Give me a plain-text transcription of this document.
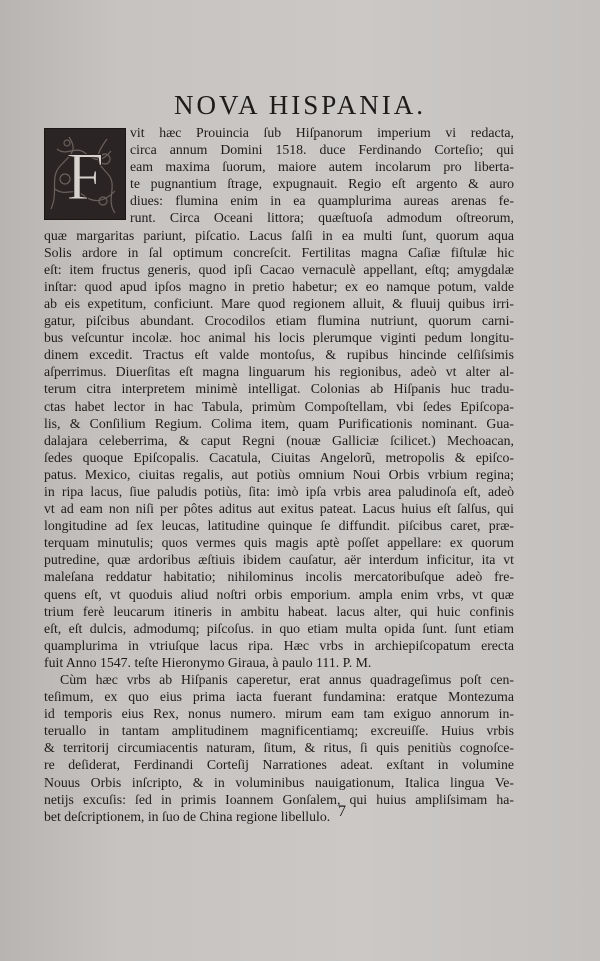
NOVA HISPANIA.
F

vit hæc Prouincia ſub Hiſpanorum imperium vi redacta,
circa annum Domini 1518. duce Ferdinando Corteſio; qui
eam maxima ſuorum, maiore autem incolarum pro liberta-
te pugnantium ſtrage, expugnauit. Regio eſt argento & auro
diues: flumina enim in ea quamplurima aureas arenas fe-
runt. Circa Oceani littora; quæſtuoſa admodum oſtreorum,
quæ margaritas pariunt, piſcatio. Lacus ſalſi in ea multi ſunt, quorum aqua
Solis ardore in ſal optimum concreſcit. Fertilitas magna Caſiæ fiſtulæ hic
eſt: item fructus generis, quod ipſi Cacao vernaculè appellant, eſtq; amygdalæ
inſtar: quod apud ipſos magno in pretio habetur; ex eo namque potum, valde
ab eis expetitum, conficiunt. Mare quod regionem alluit, & fluuij quibus irri-
gatur, piſcibus abundant. Crocodilos etiam flumina nutriunt, quorum carni-
bus veſcuntur incolæ. hoc animal his locis plerumque viginti pedum longitu-
dinem excedit. Tractus eſt valde montoſus, & rupibus hincinde celſiſsimis
aſperrimus. Diuerſitas eſt magna linguarum his regionibus, adeò vt alter al-
terum citra interpretem minimè intelligat. Colonias ab Hiſpanis huc tradu-
ctas habet lector in hac Tabula, primùm Compoſtellam, vbi ſedes Epiſcopa-
lis, & Conſilium Regium. Colima item, quam Purificationis nominant. Gua-
dalajara celeberrima, & caput Regni (nouæ Galliciæ ſcilicet.) Mechoacan,
ſedes quoque Epiſcopalis. Cacatula, Ciuitas Angelorũ, metropolis & epiſco-
patus. Mexico, ciuitas regalis, aut potiùs omnium Noui Orbis vrbium regina;
in ripa lacus, ſiue paludis potiùs, ſita: imò ipſa vrbis area paludinoſa eſt, adeò
vt ad eam non niſi per pôtes aditus aut exitus pateat. Lacus huius eſt ſalſus, qui
longitudine ad ſex leucas, latitudine quinque ſe diffundit. piſcibus caret, præ-
terquam minutulis; quos vermes quis magis aptè poſſet appellare: ex quorum
putredine, quæ ardoribus æſtiuis ibidem cauſatur, aër interdum inficitur, ita vt
maleſana reddatur habitatio; nihilominus incolis mercatoribuſque adeò fre-
quens eſt, vt quoduis aliud noſtri orbis emporium. ampla enim vrbs, vt quæ
trium ferè leucarum itineris in ambitu habeat. lacus alter, qui huic confinis
eſt, eſt dulcis, admodumq; piſcoſus. in quo etiam multa opida ſunt. ſunt etiam
quamplurima in vtriuſque lacus ripa. Hæc vrbs in archiepiſcopatum erecta
fuit Anno 1547. teſte Hieronymo Giraua, à paulo 111. P. M.

Cùm hæc vrbs ab Hiſpanis caperetur, erat annus quadrageſimus poſt cen-
teſimum, ex quo eius prima iacta fuerant fundamina: eratque Montezuma
id temporis eius Rex, nonus numero. mirum eam tam exiguo annorum in-
teruallo in tantam amplitudinem magnificentiamq; excreuiſſe. Huius vrbis
& territorij circumiacentis naturam, ſitum, & ritus, ſi quis penitiùs cognoſce-
re deſiderat, Ferdinandi Corteſij Narrationes adeat. exſtant in volumine
Nouus Orbis inſcripto, & in voluminibus nauigationum, Italica lingua Ve-
netijs excuſis: ſed in primis Ioannem Gonſalem, qui huius ampliſsimam ha-
bet deſcriptionem, in ſuo de China regione libellulo. 7
